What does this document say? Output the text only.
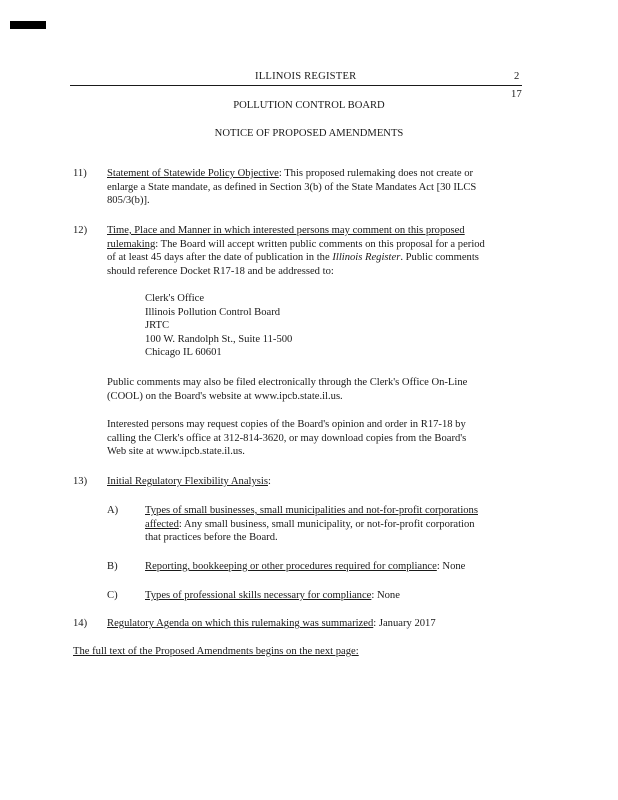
ILLINOIS REGISTER	2
17
POLLUTION CONTROL BOARD
NOTICE OF PROPOSED AMENDMENTS
11) Statement of Statewide Policy Objective: This proposed rulemaking does not create or
enlarge a State mandate, as defined in Section 3(b) of the State Mandates Act [30 ILCS
805/3(b)].
12) Time, Place and Manner in which interested persons may comment on this proposed
rulemaking: The Board will accept written public comments on this proposal for a period
of at least 45 days after the date of publication in the Illinois Register. Public comments
should reference Docket R17-18 and be addressed to:
Clerk's Office
Illinois Pollution Control Board
JRTC
100 W. Randolph St., Suite 11-500
Chicago IL 60601
Public comments may also be filed electronically through the Clerk's Office On-Line
(COOL) on the Board's website at www.ipcb.state.il.us.
Interested persons may request copies of the Board's opinion and order in R17-18 by
calling the Clerk's office at 312-814-3620, or may download copies from the Board's
Web site at www.ipcb.state.il.us.
13) Initial Regulatory Flexibility Analysis:
A)	Types of small businesses, small municipalities and not-for-profit corporations
affected: Any small business, small municipality, or not-for-profit corporation
that practices before the Board.
B)	Reporting, bookkeeping or other procedures required for compliance: None
C)	Types of professional skills necessary for compliance: None
14) Regulatory Agenda on which this rulemaking was summarized: January 2017
The full text of the Proposed Amendments begins on the next page:
